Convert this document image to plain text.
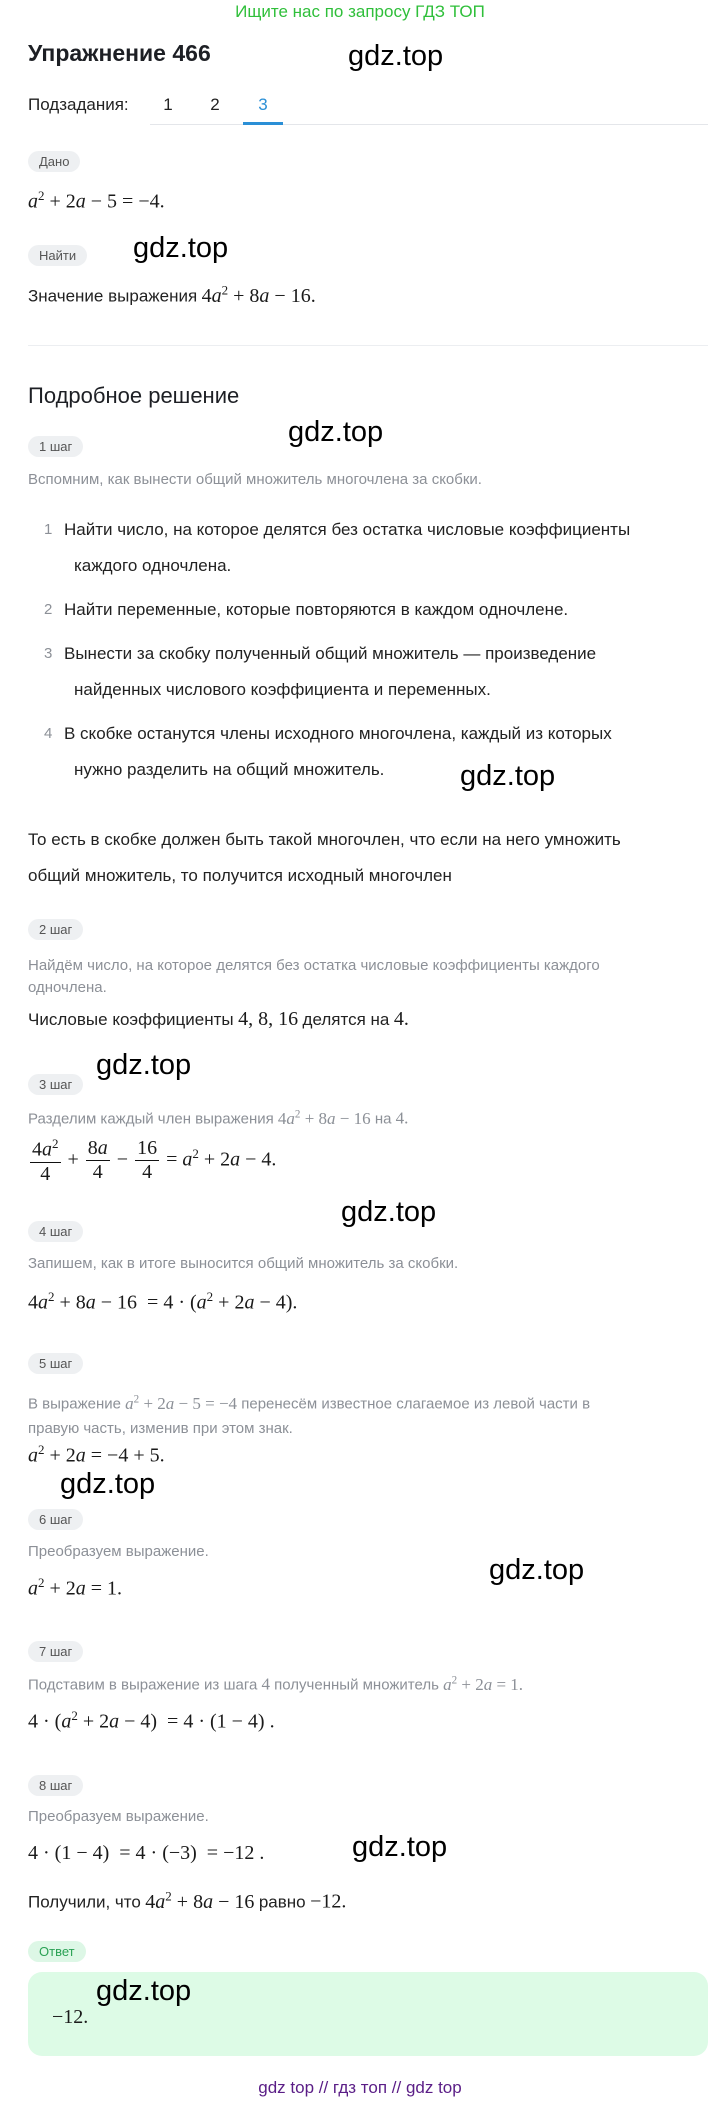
Ищите нас по запросу ГДЗ ТОП
Упражнение 466
Подзадания:	1	2	3
Дано
$a^2 + 2a - 5 = -4$.
Найти
Значение выражения $4a^2 + 8a - 16$.
Подробное решение
1 шаг
Вспомним, как вынести общий множитель многочлена за скобки.
1 Найти число, на которое делятся без остатка числовые коэффициенты
каждого одночлена.
2 Найти переменные, которые повторяются в каждом одночлене.
3 Вынести за скобку полученный общий множитель — произведение
найденных числового коэффициента и переменных.
4 В скобке останутся члены исходного многочлена, каждый из которых
нужно разделить на общий множитель.
То есть в скобке должен быть такой многочлен, что если на него умножить
общий множитель, то получится исходный многочлен
2 шаг
Найдём число, на которое делятся без остатка числовые коэффициенты каждого
одночлена.
Числовые коэффициенты 4, 8, 16 делятся на 4.
3 шаг
Разделим каждый член выражения $4a^2 + 8a - 16$ на 4.
$\frac{4a^2}{4} + \frac{8a}{4} - \frac{16}{4} = a^2 + 2a - 4$.
4 шаг
Запишем, как в итоге выносится общий множитель за скобки.
$4a^2 + 8a - 16 = 4 \cdot (a^2 + 2a - 4)$.
5 шаг
В выражение $a^2 + 2a - 5 = -4$ перенесём известное слагаемое из левой части в
правую часть, изменив при этом знак.
$a^2 + 2a = -4 + 5$.
6 шаг
Преобразуем выражение.
$a^2 + 2a = 1$.
7 шаг
Подставим в выражение из шага 4 полученный множитель $a^2 + 2a = 1$.
$4 \cdot (a^2 + 2a - 4) = 4 \cdot (1 - 4)$ .
8 шаг
Преобразуем выражение.
4 · (1 − 4)  = 4 · (−3)  = −12 .
Получили, что $4a^2 + 8a - 16$ равно −12.
Ответ
−12.
gdz.top
gdz.top
gdz.top
gdz.top
gdz.top
gdz.top
gdz.top
gdz.top
gdz.top
gdz.top
gdz top // гдз топ // gdz top
